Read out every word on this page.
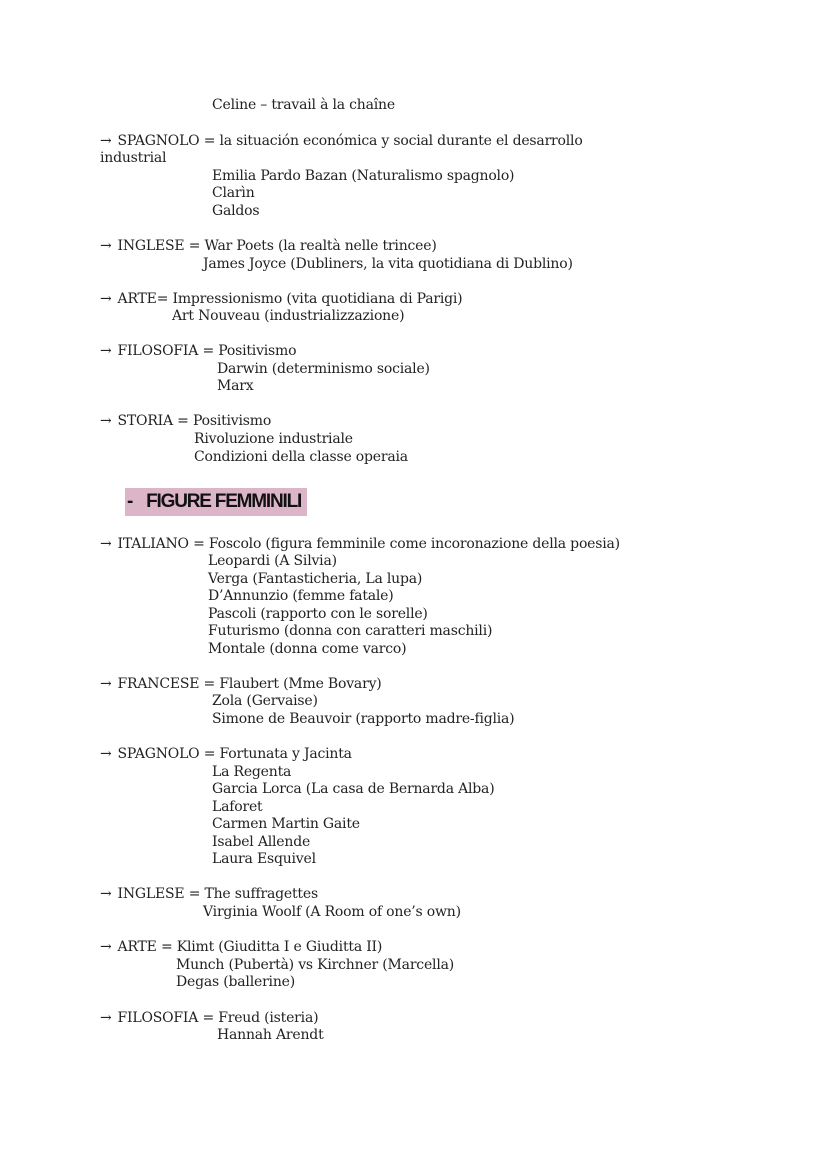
Celine – travail à la chaîne
→ SPAGNOLO = la situación económica y social durante el desarrollo
industrial
Emilia Pardo Bazan (Naturalismo spagnolo)
Clarìn
Galdos
→ INGLESE = War Poets (la realtà nelle trincee)
James Joyce (Dubliners, la vita quotidiana di Dublino)
→ ARTE= Impressionismo (vita quotidiana di Parigi)
Art Nouveau (industrializzazione)
→ FILOSOFIA = Positivismo
Darwin (determinismo sociale)
Marx
→ STORIA = Positivismo
Rivoluzione industriale
Condizioni della classe operaia
- FIGURE FEMMINILI
→ ITALIANO = Foscolo (figura femminile come incoronazione della poesia)
Leopardi (A Silvia)
Verga (Fantasticheria, La lupa)
D’Annunzio (femme fatale)
Pascoli (rapporto con le sorelle)
Futurismo (donna con caratteri maschili)
Montale (donna come varco)
→ FRANCESE = Flaubert (Mme Bovary)
Zola (Gervaise)
Simone de Beauvoir (rapporto madre-figlia)
→ SPAGNOLO = Fortunata y Jacinta
La Regenta
Garcia Lorca (La casa de Bernarda Alba)
Laforet
Carmen Martin Gaite
Isabel Allende
Laura Esquivel
→ INGLESE = The suffragettes
Virginia Woolf (A Room of one’s own)
→ ARTE = Klimt (Giuditta I e Giuditta II)
Munch (Pubertà) vs Kirchner (Marcella)
Degas (ballerine)
→ FILOSOFIA = Freud (isteria)
Hannah Arendt
